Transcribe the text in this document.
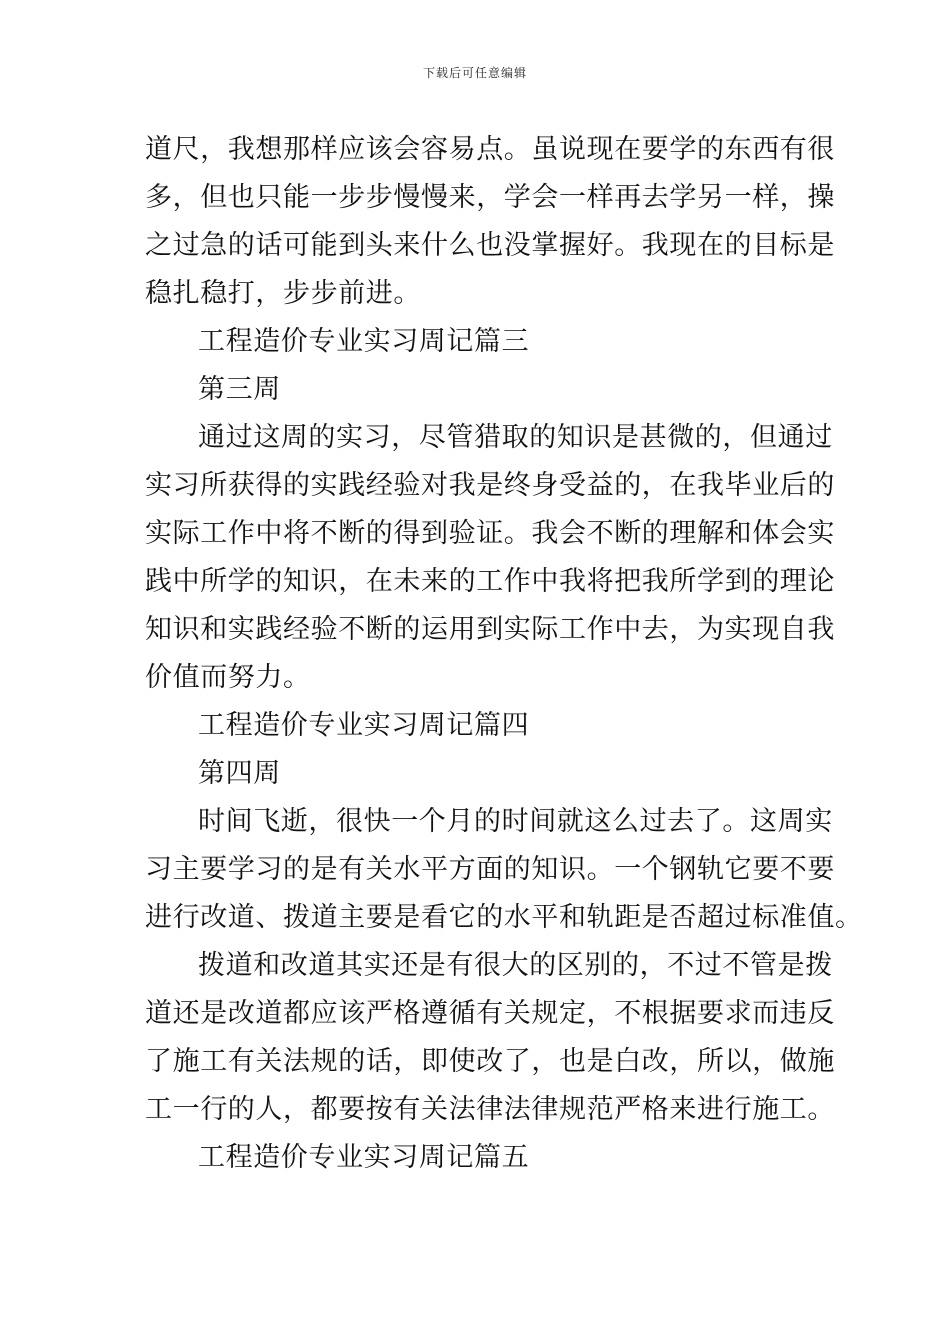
下载后可任意编辑
道尺，我想那样应该会容易点。虽说现在要学的东西有很
多，但也只能一步步慢慢来，学会一样再去学另一样，操
之过急的话可能到头来什么也没掌握好。我现在的目标是
稳扎稳打，步步前进。
工程造价专业实习周记篇三
第三周
通过这周的实习，尽管猎取的知识是甚微的，但通过
实习所获得的实践经验对我是终身受益的，在我毕业后的
实际工作中将不断的得到验证。我会不断的理解和体会实
践中所学的知识，在未来的工作中我将把我所学到的理论
知识和实践经验不断的运用到实际工作中去，为实现自我
价值而努力。
工程造价专业实习周记篇四
第四周
时间飞逝，很快一个月的时间就这么过去了。这周实
习主要学习的是有关水平方面的知识。一个钢轨它要不要
进行改道、拨道主要是看它的水平和轨距是否超过标准值。
拨道和改道其实还是有很大的区别的，不过不管是拨
道还是改道都应该严格遵循有关规定，不根据要求而违反
了施工有关法规的话，即使改了，也是白改，所以，做施
工一行的人，都要按有关法律法律规范严格来进行施工。
工程造价专业实习周记篇五
